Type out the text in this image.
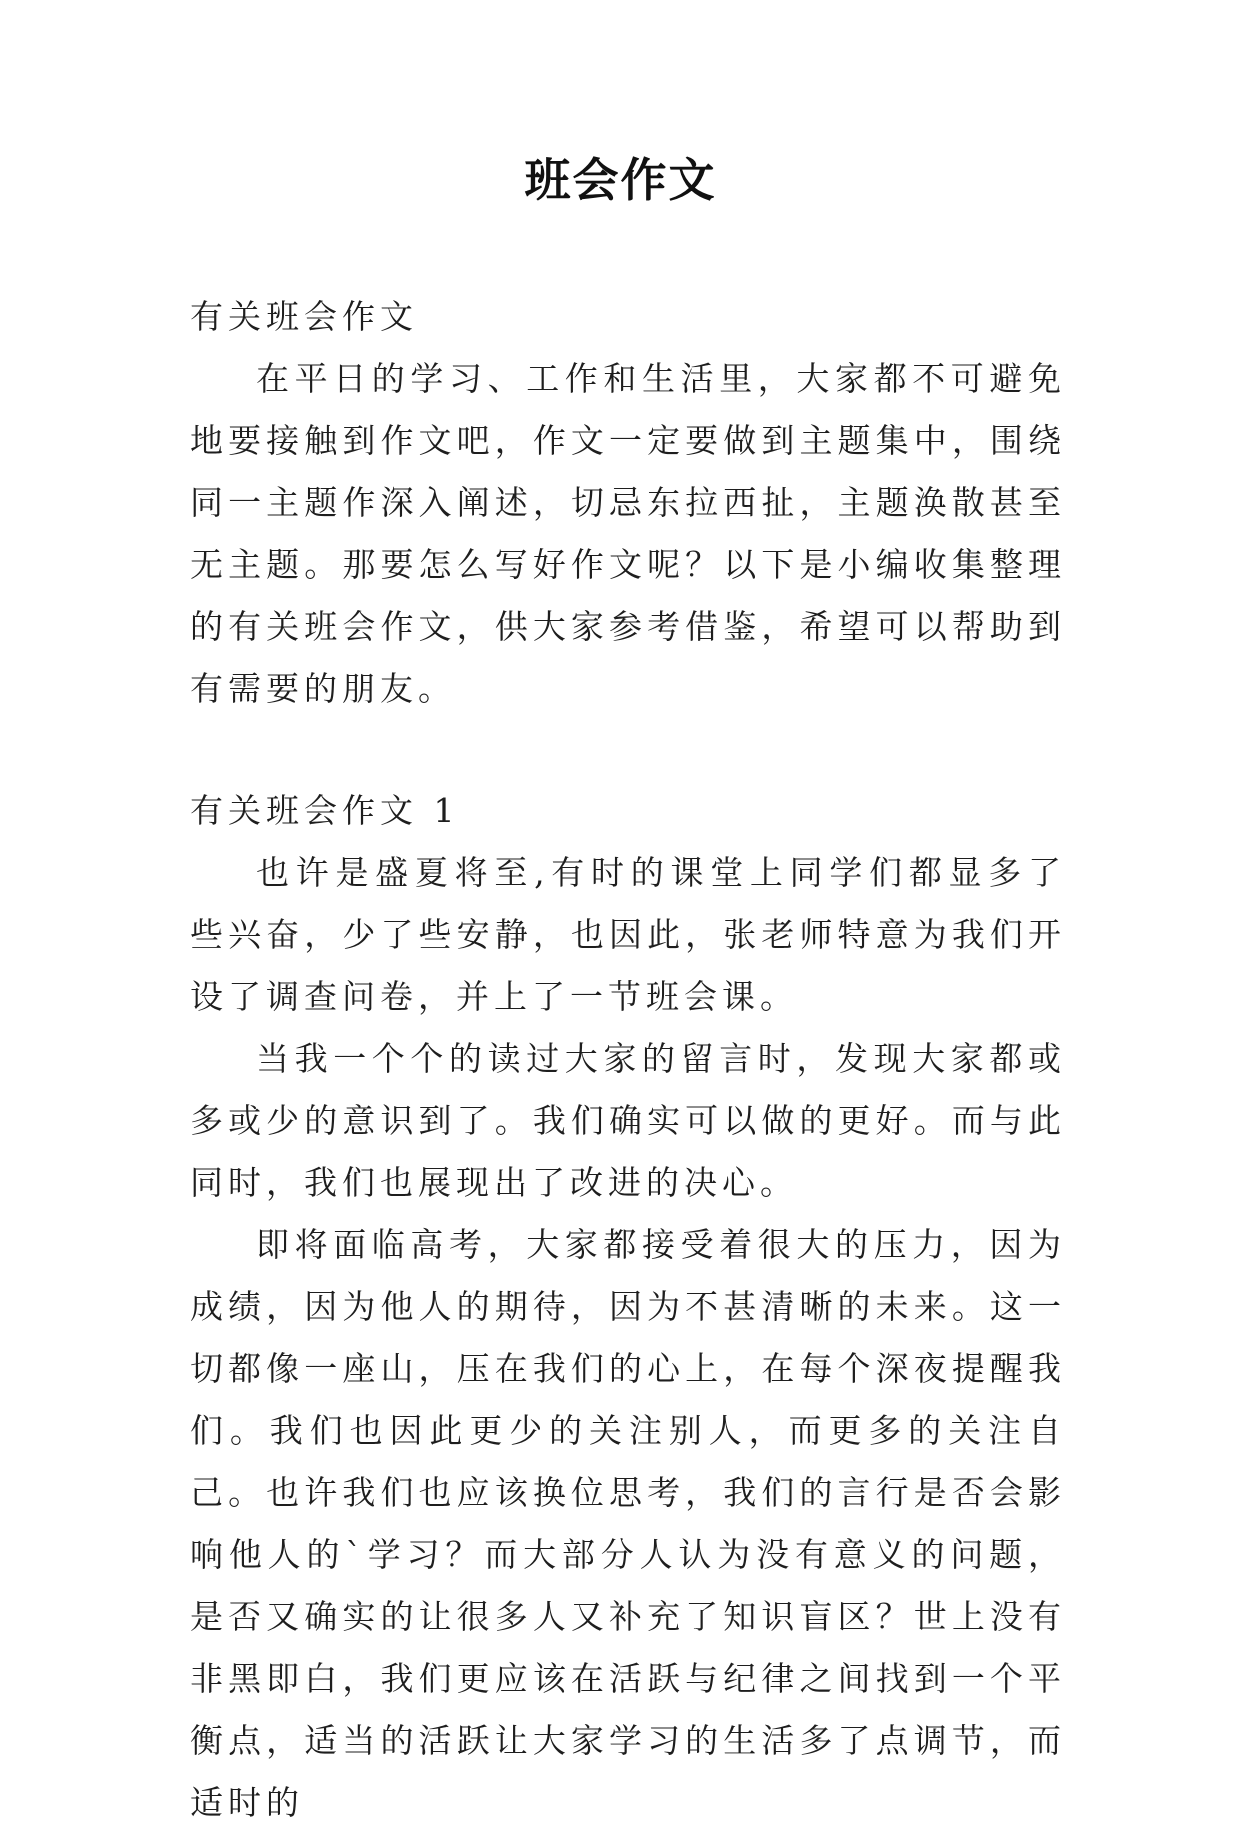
班会作文

有关班会作文

在平日的学习、工作和生活里，大家都不可避免地要接触到作文吧，作文一定要做到主题集中，围绕同一主题作深入阐述，切忌东拉西扯，主题涣散甚至无主题。那要怎么写好作文呢？以下是小编收集整理的有关班会作文，供大家参考借鉴，希望可以帮助到有需要的朋友。

有关班会作文 1

也许是盛夏将至,有时的课堂上同学们都显多了些兴奋，少了些安静，也因此，张老师特意为我们开设了调查问卷，并上了一节班会课。

当我一个个的读过大家的留言时，发现大家都或多或少的意识到了。我们确实可以做的更好。而与此同时，我们也展现出了改进的决心。

即将面临高考，大家都接受着很大的压力，因为成绩，因为他人的期待，因为不甚清晰的未来。这一切都像一座山，压在我们的心上，在每个深夜提醒我们。我们也因此更少的关注别人，而更多的关注自己。也许我们也应该换位思考，我们的言行是否会影响他人的`学习？而大部分人认为没有意义的问题，是否又确实的让很多人又补充了知识盲区？世上没有非黑即白，我们更应该在活跃与纪律之间找到一个平衡点，适当的活跃让大家学习的生活多了点调节，而适时的
